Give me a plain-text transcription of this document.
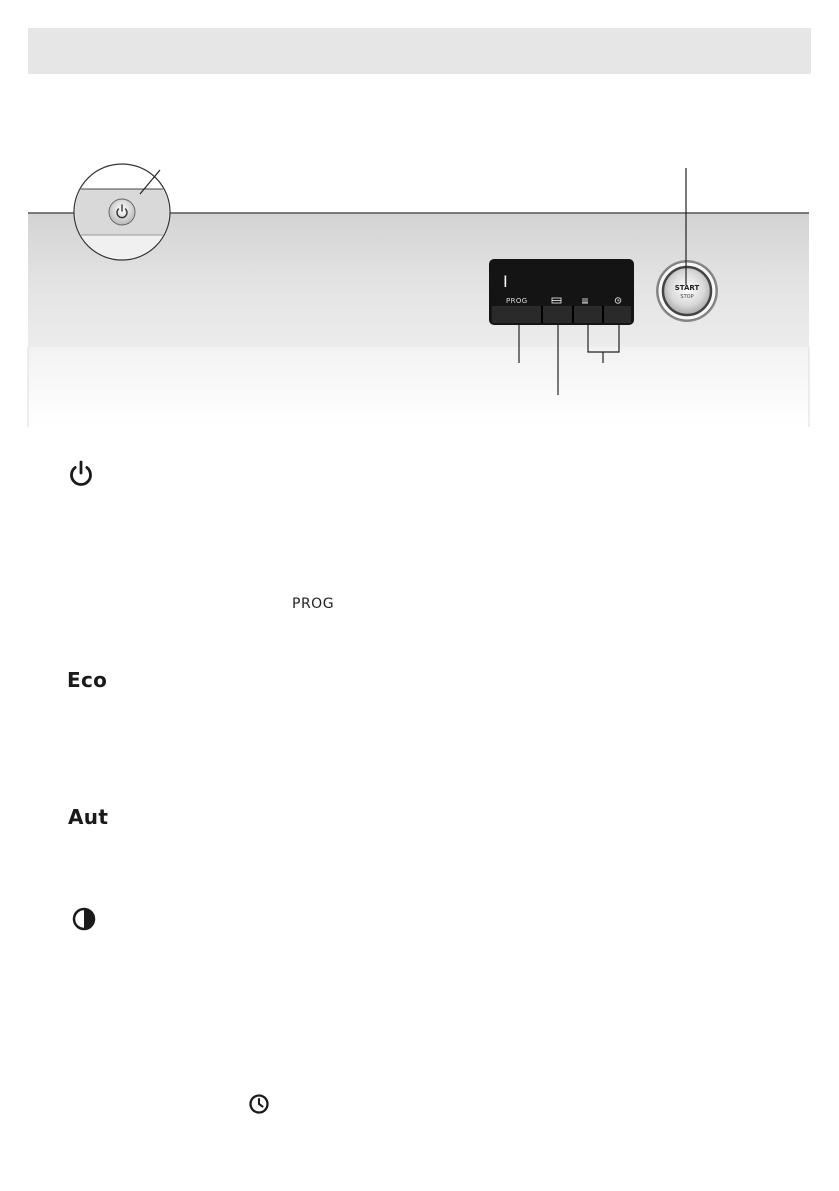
I
PROG
START
STOP
PROG
Eco
Aut
